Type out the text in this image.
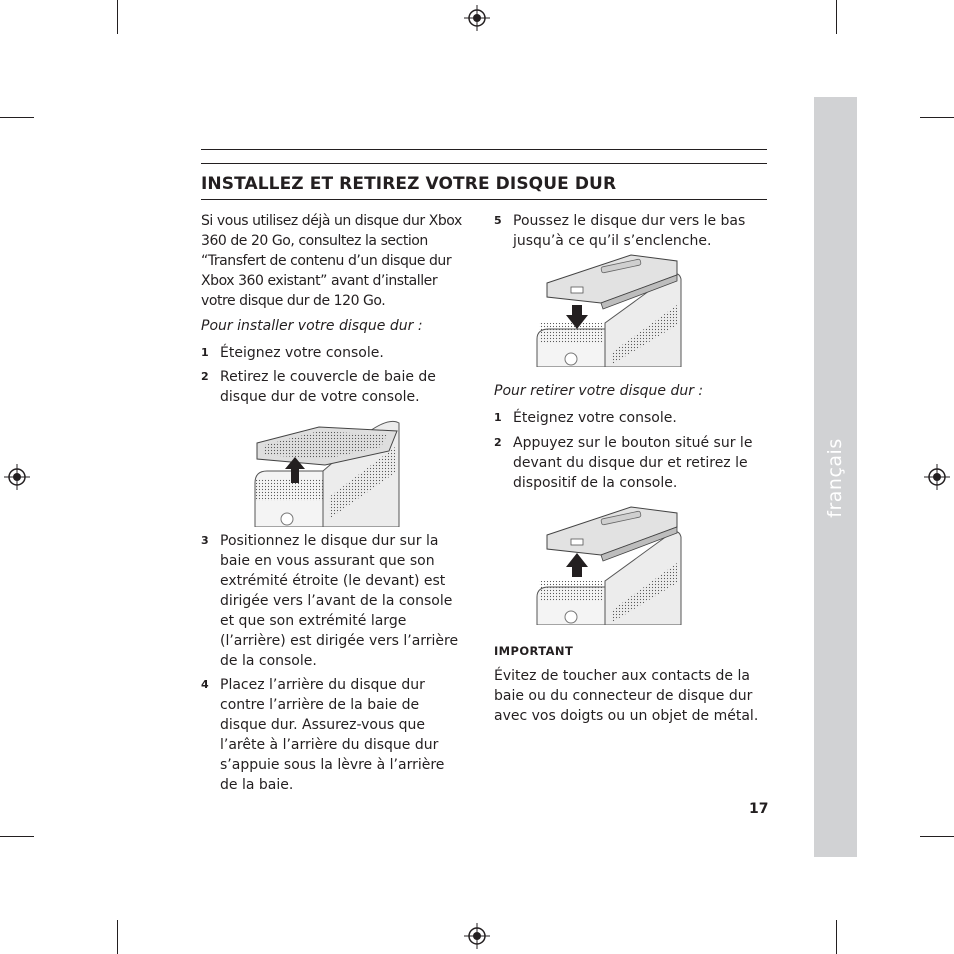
français
INSTALLEZ ET RETIREZ VOTRE DISQUE DUR

Si vous utilisez déjà un disque dur Xbox

360 de 20 Go, consultez la section

“Transfert de contenu d’un disque dur

Xbox 360 existant” avant d’installer

votre disque dur de 120 Go.

Pour installer votre disque dur :

1 Éteignez votre console.

2 Retirez le couvercle de baie de

disque dur de votre console.

3 Positionnez le disque dur sur la

baie en vous assurant que son

extrémité étroite (le devant) est

dirigée vers l’avant de la console

et que son extrémité large

(l’arrière) est dirigée vers l’arrière

de la console.

4 Placez l’arrière du disque dur

contre l’arrière de la baie de

disque dur. Assurez-vous que

l’arête à l’arrière du disque dur

s’appuie sous la lèvre à l’arrière

de la baie.

5 Poussez le disque dur vers le bas

jusqu’à ce qu’il s’enclenche.

Pour retirer votre disque dur :

1 Éteignez votre console.

2 Appuyez sur le bouton situé sur le

devant du disque dur et retirez le

dispositif de la console.

IMPORTANT

Évitez de toucher aux contacts de la

baie ou du connecteur de disque dur

avec vos doigts ou un objet de métal.

17
